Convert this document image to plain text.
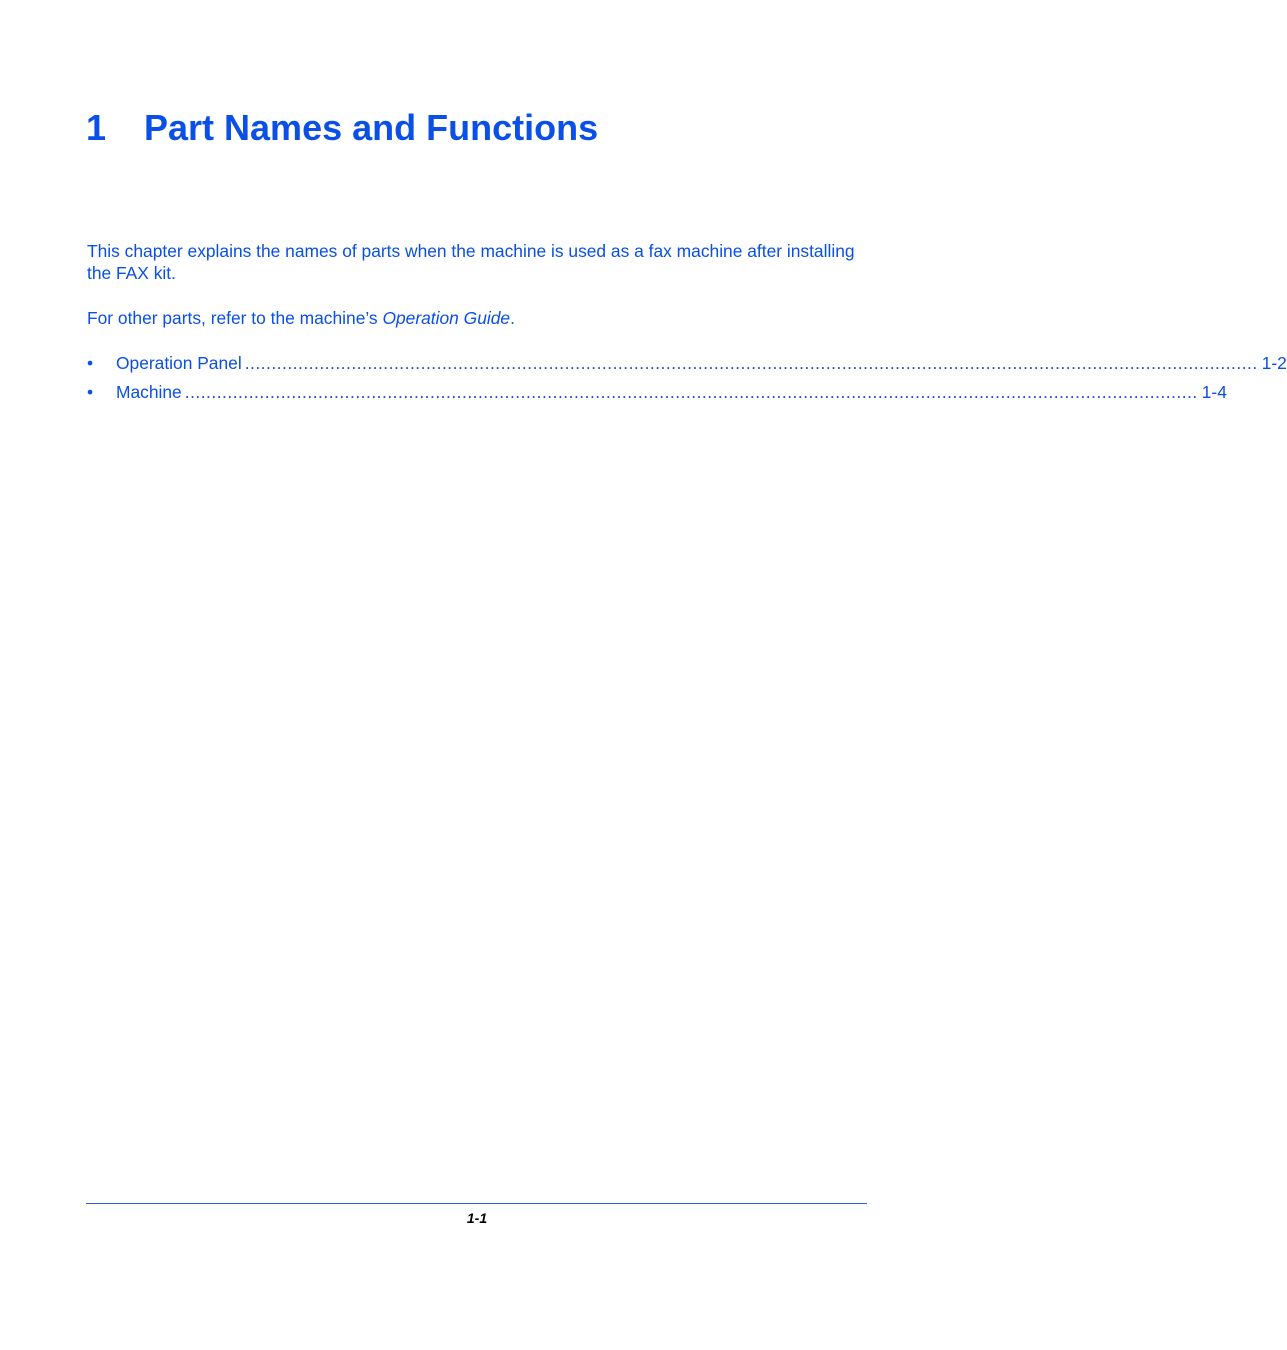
1 Part Names and Functions

This chapter explains the names of parts when the machine is used as a fax machine after installing the FAX kit.

For other parts, refer to the machine’s Operation Guide.

•	Operation Panel .............................................................................................................................................................................................. 1-2
•	Machine .............................................................................................................................................................................................. 1-4
1-1
